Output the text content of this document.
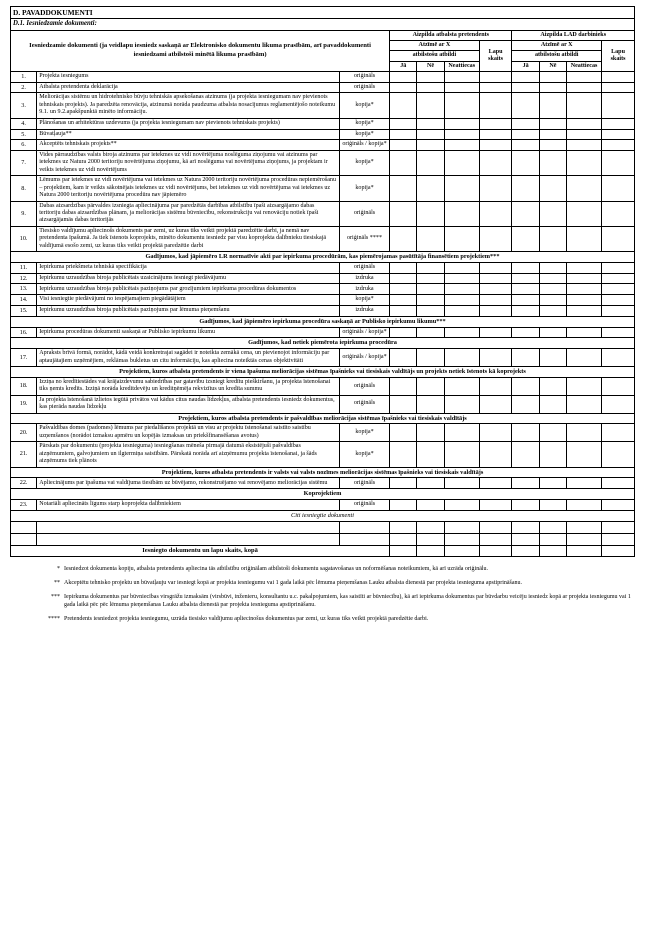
D. PAVADDOKUMENTI										
D.1. Iesniedzamie dokumenti:										
Iesniedzamie dokumenti (ja veidlapu iesniedz saskaņā ar Elektronisko dokumentu likuma prasībām, arī pavaddokumenti iesniedzami atbilstoši minētā likuma prasībām)			Aizpilda atbalsta pretendents				Aizpilda LAD darbinieks			
			Atzīmē ar X			Lapu skaits	Atzīmē ar X			Lapu skaits
			atbilstošu atbildi				atbilstošu atbildi			
			Jā	Nē	Neattiecas		Jā	Nē	Neattiecas	
1.	Projekta iesniegums	oriģināls								
2.	Atbalsta pretendenta deklarācija	oriģināls								
3.	Meliorācijas sistēmu un hidrotehnisko būvju tehniskās apsekošanas atzinums (ja projekta iesniegumam nav pievienots tehniskais projekts). Ja paredzēta renovācija, atzinumā norāda paudzuma atbalsta nosacījumus reglamentējošo noteikumu 9.1. un 9.2.apakšpunktā minēto informāciju.	kopija*								
4.	Plānošanas un arhitektūras uzdevums (ja projekta iesniegumam nav pievienots tehniskais projekts)	kopija*								
5.	Būvatļauja**	kopija*								
6.	Akceptēts tehniskais projekts**	oriģināls / kopija*								
7.	Vides pārraudzības valsts biroja atzinums par ietekmes uz vidi novērtējuma noslēguma ziņojumu vai atzinums par ietekmes uz Natura 2000 teritoriju novērtējuma ziņojumu, kā arī noslēguma vai novērtējuma ziņojums, ja projektam ir veikts ietekmes uz vidi novērtējums	kopija*								
8.	Lēmums par ietekmes uz vidi novērtējuma vai ietekmes uz Natura 2000 teritoriju novērtējuma procedūras nepiemērošanu – projektiem, kam ir veikts sākotnējais ietekmes uz vidi novērtējums, bet ietekmes uz vidi novērtējuma vai ietekmes uz Natura 2000 teritoriju novērtējuma procedūra nav jāpiemēro	kopija*								
9.	Dabas aizsardzības pārvaldes izsniegta apliecinājuma par paredzētās darbības atbilstību īpaši aizsargājamo dabas teritoriju dabas aizsardzības plānam, ja meliorācijas sistēmu būvniecību, rekonstrukciju vai renovāciju notiek īpaši aizsargājamās dabas teritorijās	oriģināls								
10.	Tiesisko valdījumu apliecinošs dokuments par zemi, uz kuras tiks veikti projektā paredzētie darbi, ja nemā nav pretendenta īpašumā. Ja tiek īstenots koprojekts, minēto dokumentu iesniedz par visu koprojekta dalībnieku tiesiskajā valdījumā esošo zemi, uz kuras tiks veikti projektā paredzētie darbi	oriģināls ****								
Gadījumos, kad jāpiemēro LR normatīvie akti par iepirkuma procedūrām, kas piemērojamas pasūtītāja finansētiem projektiem***										
11.	Iepirkuma priekšmeta tehniskā specifikācija	oriģināls								
12.	Iepirkumu uzraudzības biroja publicētais uzaicinājums iesniegt piedāvājumu	izdruka								
13.	Iepirkumu uzraudzības biroja publicētais paziņojums par grozījumiem iepirkuma procedūras dokumentos	izdruka								
14.	Visi iesniegtie piedāvājumi no iespējamajiem piegādātājiem	kopija*								
15.	Iepirkumu uzraudzības biroja publicētais paziņojums par lēmuma pieņemšanu	izdruka								
Gadījumos, kad jāpiemēro iepirkuma procedūra saskaņā ar Publisko iepirkumu likumu***										
16.	Iepirkuma procedūras dokumenti saskaņā ar Publisko iepirkumu likumu	oriģināls / kopija*								
Gadījumos, kad netiek piemērota iepirkuma procedūra										
17.	Apraksts brīvā formā, norādot, kādā veidā konkretrajai sagādei ir noteikta zemākā cena, un pievienojot informāciju par aptaujātajiem uzņēmējiem, reklāmas bukletus un citu informāciju, kas apliecina noteiktās cenas objektivitāti	oriģināls / kopija*								
Projektiem, kuros atbalsta pretendents ir viena īpašuma meliorācijas sistēmas īpašnieks vai tiesiskais valdītājs un projekts netiek īstenots kā koprojekts										
18.	Izziņa no kredītiestādes vai krājaizdevumu sabiedrības par gatavību izsniegt kredītu pieškiršanu, ja projekta īstenošanai tiks ņemts kredīts. Izziņā norāda kreditdevēju un kreditņēmēja rekvizītus un kredīta summu	oriģināls								
19.	Ja projekta īstenošanā izlietos iegūtā privātos vai kādus citus naudas līdzekļus, atbalsta pretendents iesniedz dokumentus, kas pierāda naudas līdzekļu	oriģināls								
Projektiem, kuros atbalsta pretendents ir pašvaldības meliorācijas sistēmas īpašnieks vai tiesiskais valdītājs										
20.	Pašvaldības domes (padomes) lēmums par piedalīšanos projektā un visu ar projektu īstenošanai saistīto saistību uzņemšanos (norādot izmaksu apmēru un kopējās izmaksas un priekšfinansēšanas avotus)	kopija*								
21.	Pārskats par dokumentu (projekta iesnieguma) iesniegšanas mēneša pirmajā datumā eksistējuši pašvaldības aizņēmumiem, galvojumiem un ilgtermiņa saistībām. Pārskatā norāda arī aizņēmumu projekta īstenošanai, ja šāds aizņēmums tiek plānots	kopija*								
Projektiem, kuros atbalsta pretendents ir valsts vai valsts nozīmes meliorācijas sistēmas īpašnieks vai tiesiskais valdītājs										
22.	Apliecinājums par īpašuma vai valdījuma tiesībām uz būvējamo, rekonstruējamo vai renovējamo meliorācijas sistēmu	oriģināls								
Koprojektiem										
23.	Notariāli apliecināts līgums starp koprojekta dalībniekiem	oriģināls								
Citi iesniegtie dokumenti										

Iesniegto dokumentu un lapu skaits, kopā										
* Iesniedzot dokumenta kopiju, atbalsta pretendents apliecina tās atbilstību oriģinālam atbilstoši dokumentu sagatavošanas un noformēšanas noteikumiem, kā arī uzrāda oriģinālu.
** Akceptētu tehnisko projektu un būvatļauju var iesniegt kopā ar projekta iesniegumu vai 1 gada laikā pēc lēmuma pieņemšanas Lauku atbalsta dienestā par projekta iesnieguma apstiprināšanu.
*** Iepirkuma dokumentus par būvniecības virsgrāžu izmaksām (virsbūvi, inženieru, konsultantu u.c. pakalpojumiem, kas saistīti ar būvniecību), kā arī iepirkuma dokumentus par būvdarbu veicēju iesniedz kopā ar projekta iesniegumu vai 1 gada laikā pēc pēc lēmuma pieņemšanas Lauku atbalsta dienestā par projekta iesnieguma apstiprināšanu.
**** Pretendents iesniedzot projekta iesniegumu, uzrāda tiesisko valdījumu apliecinošus dokumentus par zemi, uz kuras tiks veikti projektā paredzētie darbi.
